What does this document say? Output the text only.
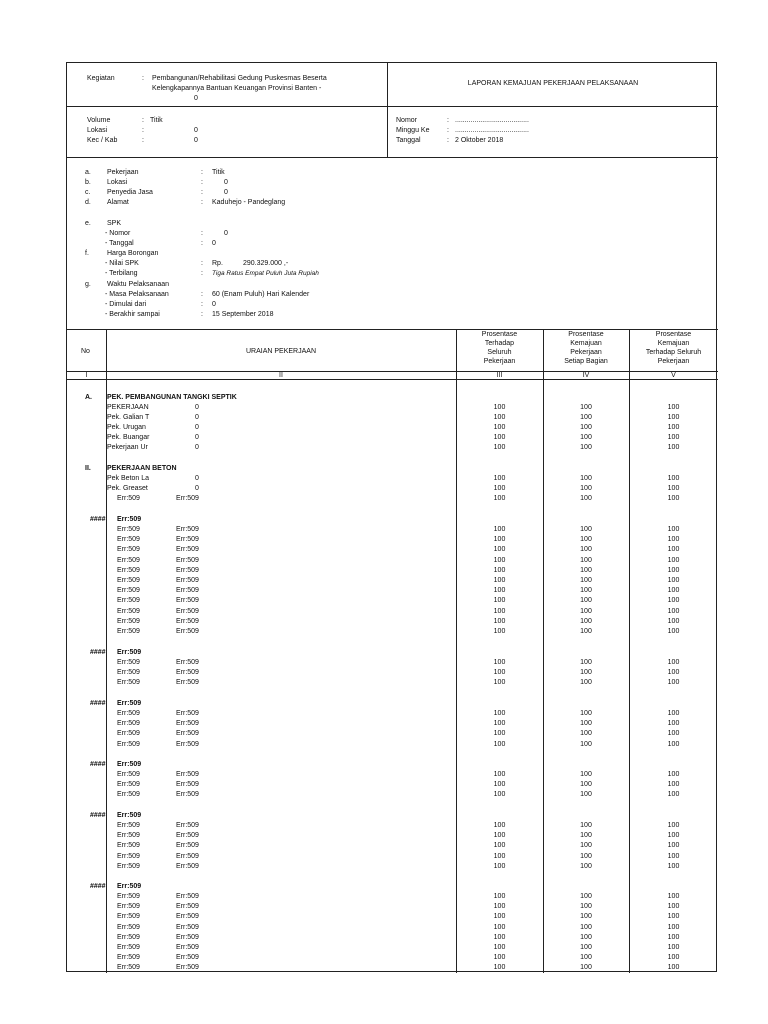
Kegiatan	: Pembangunan/Rehabilitasi Gedung Puskesmas Beserta
Kelengkapannya Bantuan Keuangan Provinsi Banten -
0
LAPORAN KEMAJUAN PEKERJAAN PELAKSANAAN
Volume	: Titik
Lokasi	:	0
Kec / Kab	:	0
Nomor	: ......................................
Minggu Ke	: ......................................
Tanggal	: 2 Oktober 2018
a. Pekerjaan	: Titik
b. Lokasi	:	0
c. Penyedia Jasa	:	0
d. Alamat	: Kaduhejo - Pandeglang
e. SPK
- Nomor	:	0
- Tanggal	: 0
f.	Harga Borongan
- Nilai SPK	: Rp.	290.329.000 ,-
- Terbilang	: Tiga Ratus Empat Puluh Juta Rupiah
g. Waktu Pelaksanaan
- Masa Pelaksanaan	: 60 (Enam Puluh) Hari Kalender
- Dimulai dari	: 0
- Berakhir sampai	: 15 September 2018
No	URAIAN PEKERJAAN
Prosentase
Terhadap
Seluruh
Pekerjaan
Prosentase
Kemajuan
Pekerjaan
Setiap Bagian
Prosentase
Kemajuan
Terhadap Seluruh
Pekerjaan
I	II	III	IV	V
A. PEK. PEMBANGUNAN TANGKI SEPTIK
PEKERJAAN	0	100	100	100
Pek. Galian T	0	100	100	100
Pek. Urugan	0	100	100	100
Pek. Buangar	0	100	100	100
Pekerjaan Ur	0	100	100	100
II. PEKERJAAN BETON
Pek Beton La	0	100	100	100
Pek. Greaset	0	100	100	100
Err:509	Err:509	100	100	100
#### Err:509
Err:509	Err:509	100	100	100
Err:509	Err:509	100	100	100
Err:509	Err:509	100	100	100
Err:509	Err:509	100	100	100
Err:509	Err:509	100	100	100
Err:509	Err:509	100	100	100
Err:509	Err:509	100	100	100
Err:509	Err:509	100	100	100
Err:509	Err:509	100	100	100
Err:509	Err:509	100	100	100
Err:509	Err:509	100	100	100
#### Err:509
Err:509	Err:509	100	100	100
Err:509	Err:509	100	100	100
Err:509	Err:509	100	100	100
#### Err:509
Err:509	Err:509	100	100	100
Err:509	Err:509	100	100	100
Err:509	Err:509	100	100	100
Err:509	Err:509	100	100	100
#### Err:509
Err:509	Err:509	100	100	100
Err:509	Err:509	100	100	100
Err:509	Err:509	100	100	100
#### Err:509
Err:509	Err:509	100	100	100
Err:509	Err:509	100	100	100
Err:509	Err:509	100	100	100
Err:509	Err:509	100	100	100
Err:509	Err:509	100	100	100
#### Err:509
Err:509	Err:509	100	100	100
Err:509	Err:509	100	100	100
Err:509	Err:509	100	100	100
Err:509	Err:509	100	100	100
Err:509	Err:509	100	100	100
Err:509	Err:509	100	100	100
Err:509	Err:509	100	100	100
Err:509	Err:509	100	100	100
